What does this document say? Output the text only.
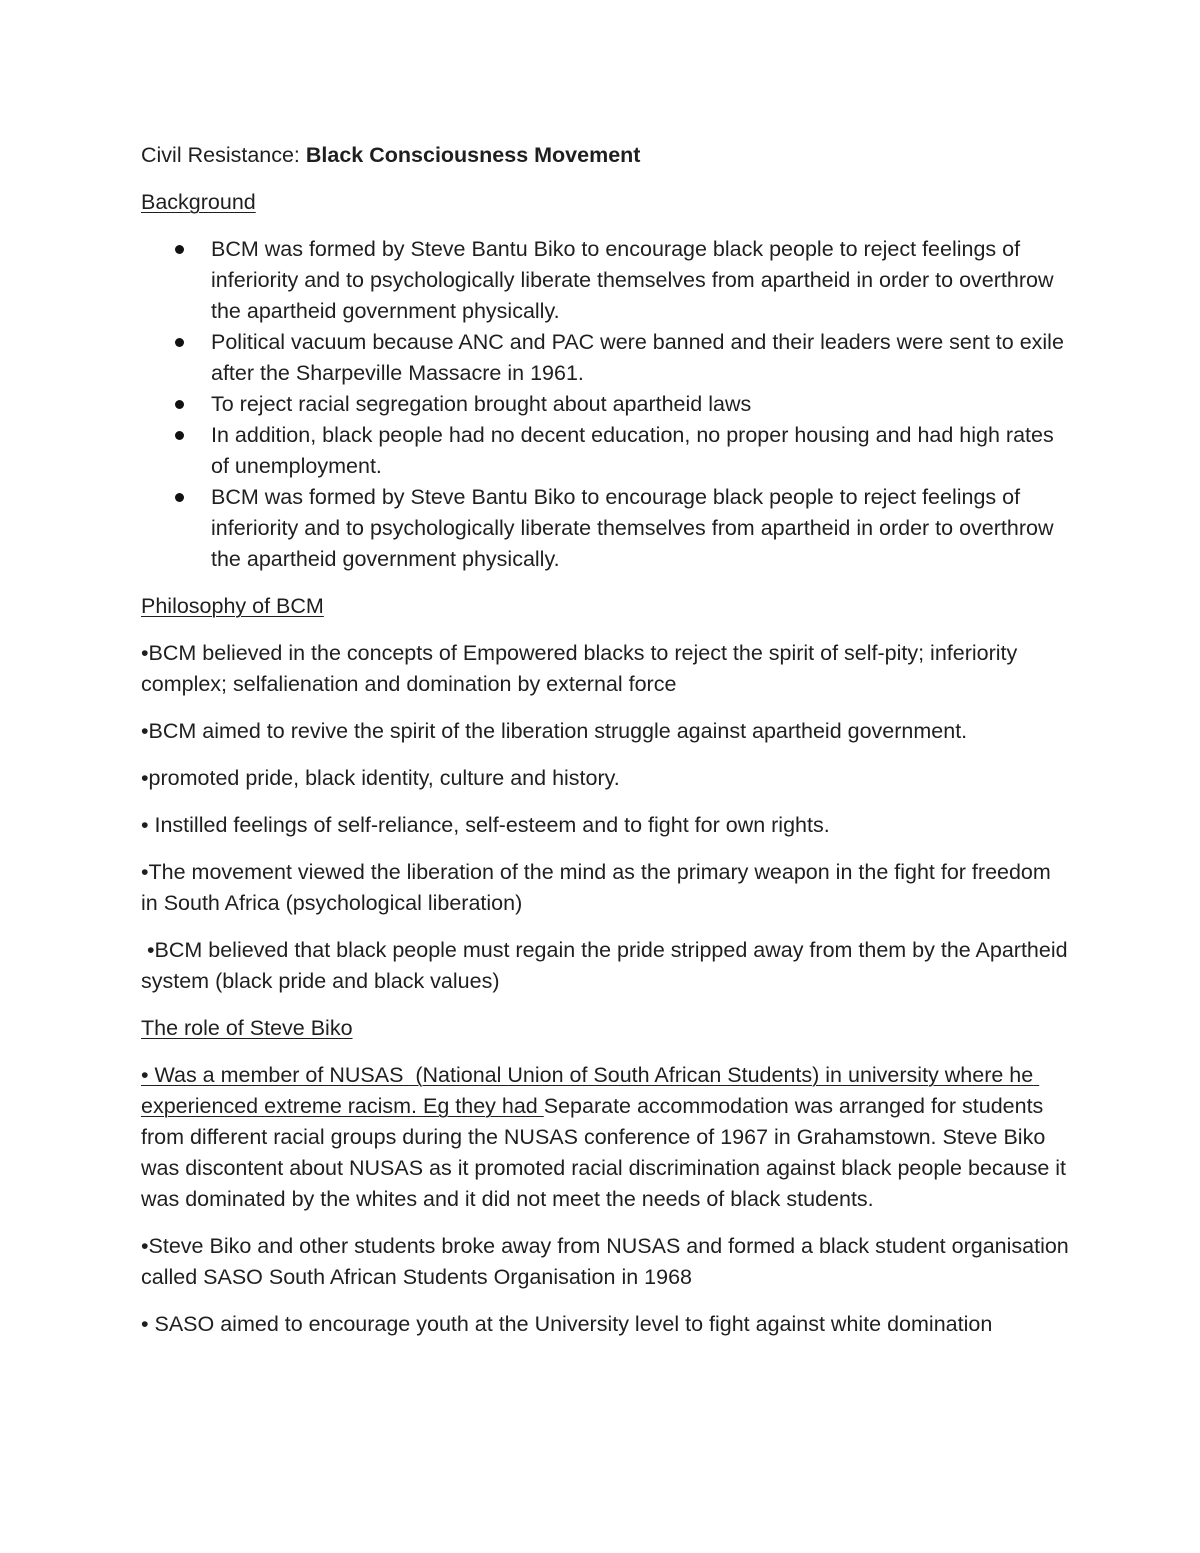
Civil Resistance: Black Consciousness Movement

Background
BCM was formed by Steve Bantu Biko to encourage black people to reject feelings of inferiority and to psychologically liberate themselves from apartheid in order to overthrow the apartheid government physically.
Political vacuum because ANC and PAC were banned and their leaders were sent to exile after the Sharpeville Massacre in 1961.
To reject racial segregation brought about apartheid laws
In addition, black people had no decent education, no proper housing and had high rates of unemployment.
BCM was formed by Steve Bantu Biko to encourage black people to reject feelings of inferiority and to psychologically liberate themselves from apartheid in order to overthrow the apartheid government physically.
Philosophy of BCM

•BCM believed in the concepts of Empowered blacks to reject the spirit of self-pity; inferiority complex; selfalienation and domination by external force

•BCM aimed to revive the spirit of the liberation struggle against apartheid government.

•promoted pride, black identity, culture and history.

• Instilled feelings of self-reliance, self-esteem and to fight for own rights.

•The movement viewed the liberation of the mind as the primary weapon in the fight for freedom in South Africa (psychological liberation)

•BCM believed that black people must regain the pride stripped away from them by the Apartheid system (black pride and black values)

The role of Steve Biko

• Was a member of NUSAS  (National Union of South African Students) in university where he experienced extreme racism. Eg they had Separate accommodation was arranged for students from different racial groups during the NUSAS conference of 1967 in Grahamstown. Steve Biko was discontent about NUSAS as it promoted racial discrimination against black people because it was dominated by the whites and it did not meet the needs of black students.

•Steve Biko and other students broke away from NUSAS and formed a black student organisation called SASO South African Students Organisation in 1968

• SASO aimed to encourage youth at the University level to fight against white domination
